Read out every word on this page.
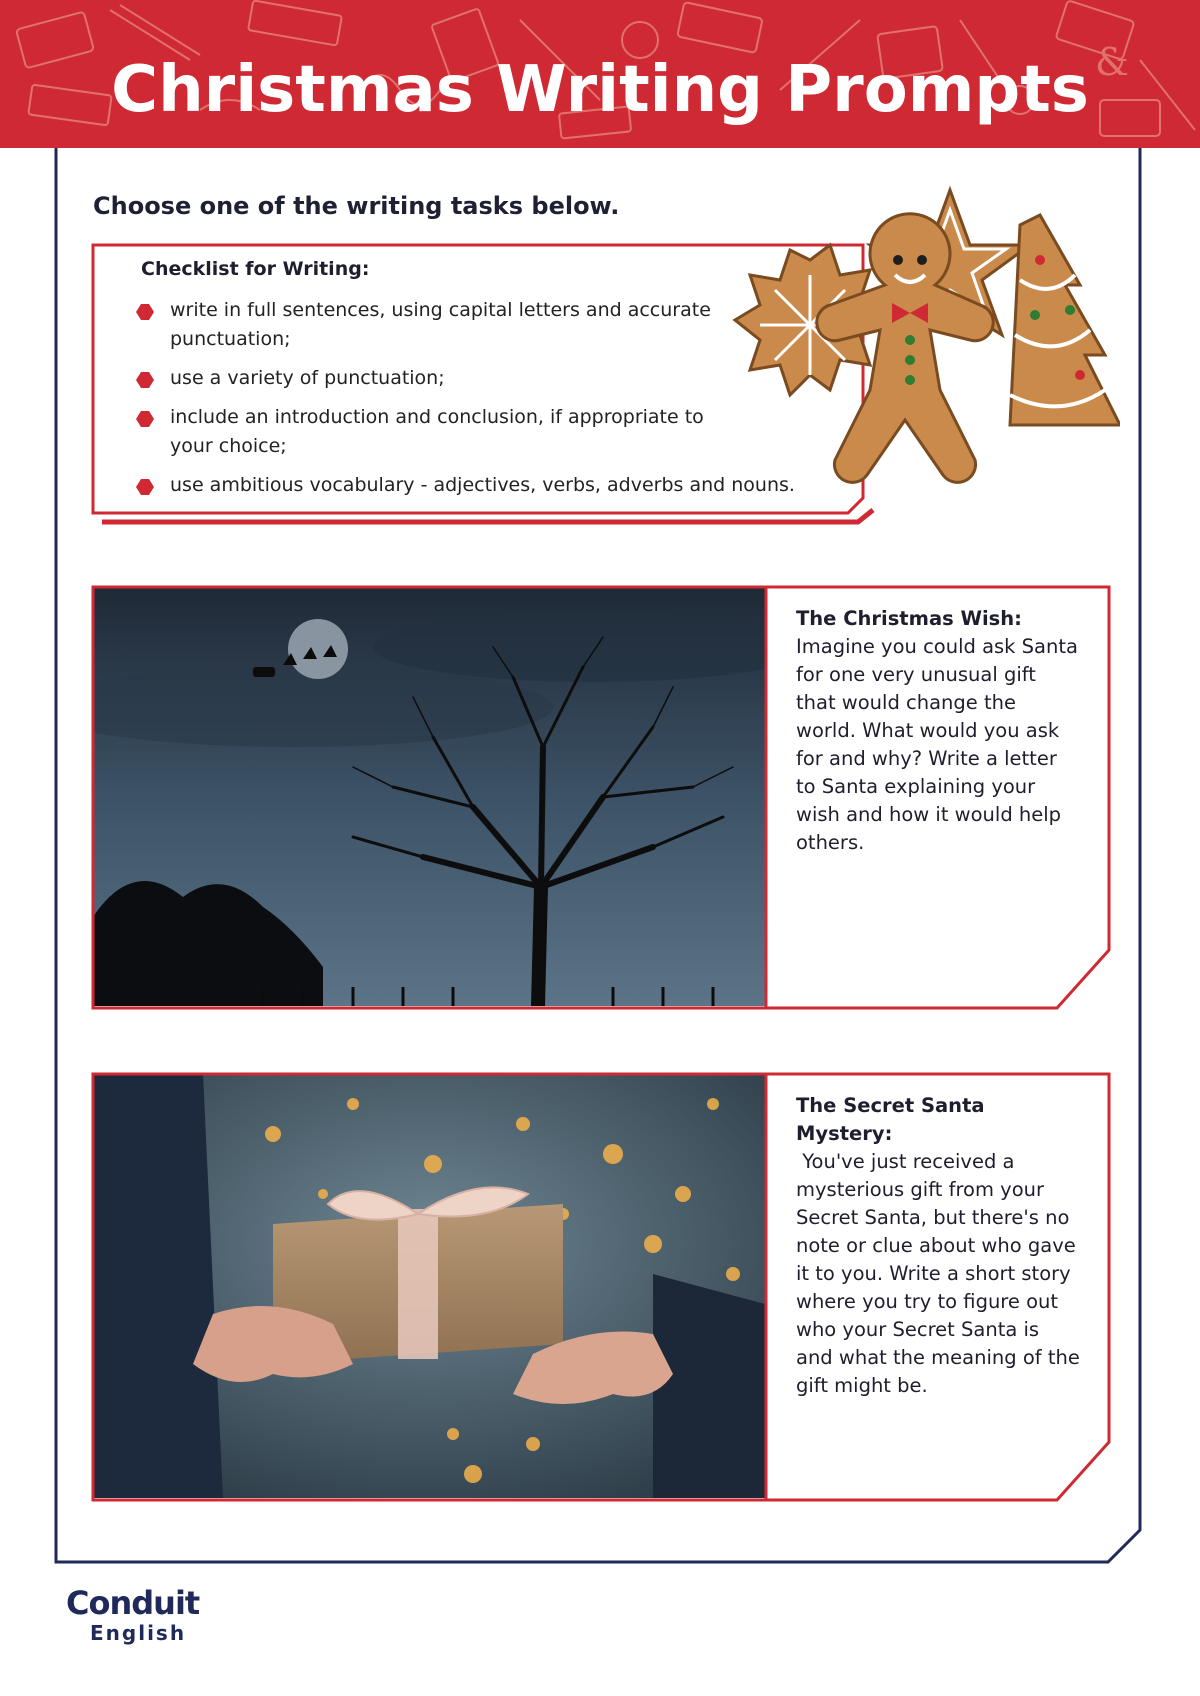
&
Christmas Writing Prompts

Choose one of the writing tasks below.

Checklist for Writing:
write in full sentences, using capital letters and accurate punctuation;
use a variety of punctuation;
include an introduction and conclusion, if appropriate to your choice;
use ambitious vocabulary - adjectives, verbs, adverbs and nouns.
The Christmas Wish:
Imagine you could ask Santa for one very unusual gift that would change the world. What would you ask for and why? Write a letter to Santa explaining your wish and how it would help others.
The Secret Santa Mystery:
You've just received a mysterious gift from your Secret Santa, but there's no note or clue about who gave it to you. Write a short story where you try to figure out who your Secret Santa is and what the meaning of the gift might be.
Conduit
English
